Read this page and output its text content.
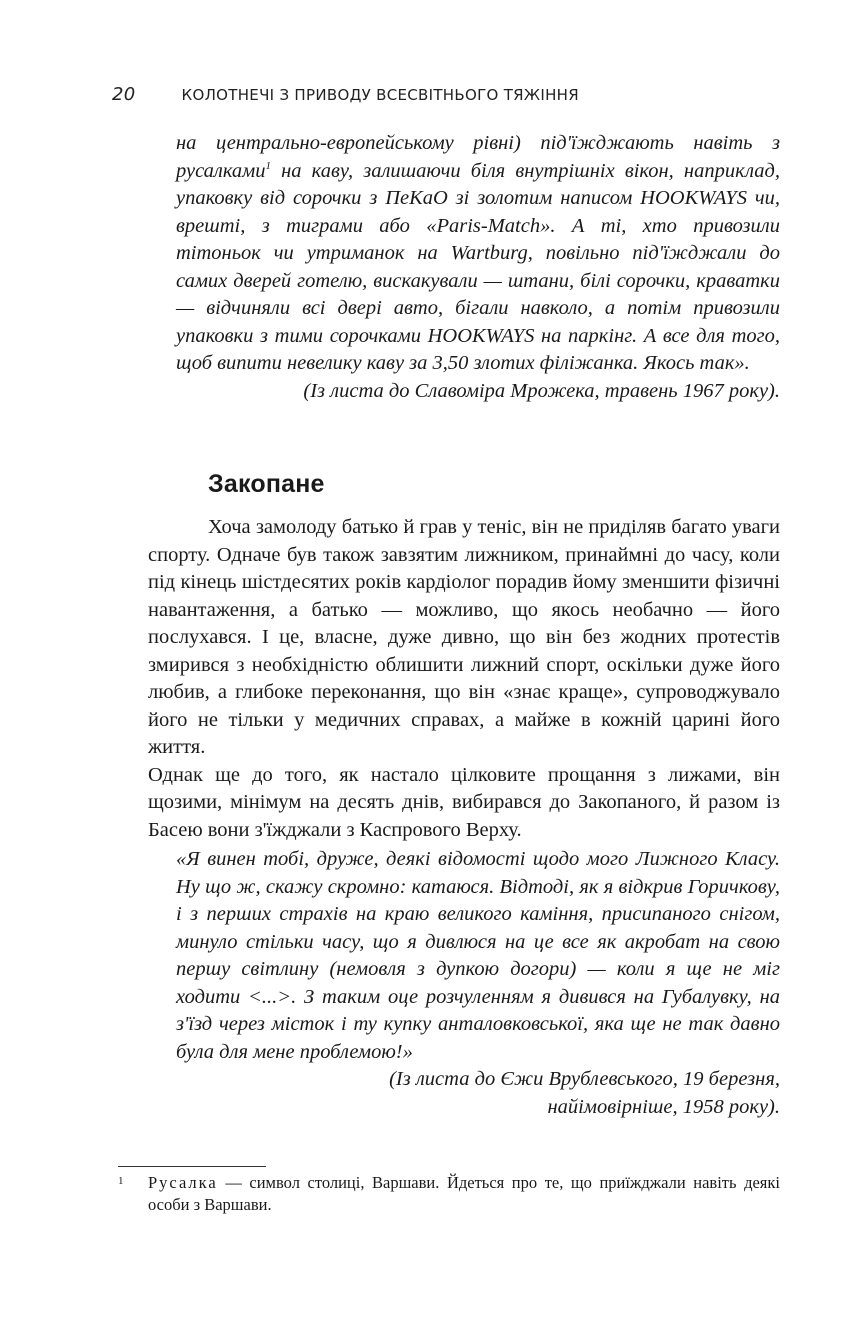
20	КОЛОТНЕЧІ З ПРИВОДУ ВСЕСВІТНЬОГО ТЯЖІННЯ

на центрально-европейському рівні) під'їжджають навіть з русалками$^1$ на каву, залишаючи біля внутрішніх вікон, наприклад, упаковку від сорочки з ПеКаО зі золотим написом HOOKWAYS чи, врешті, з тиграми або «Paris-Match». А ті, хто привозили тітоньок чи утриманок на Wartburg, повільно під'їжджали до самих дверей готелю, вискакували — штани, білі сорочки, краватки — відчиняли всі двері авто, бігали навколо, а потім привозили упаковки з тими сорочками HOOKWAYS на паркінг. А все для того, щоб випити невелику каву за 3,50 злотих філіжанка. Якось так».

(Із листа до Славоміра Мрожека, травень 1967 року).

Закопане

Хоча замолоду батько й грав у теніс, він не приділяв багато уваги спорту. Одначе був також завзятим лижником, принаймні до часу, коли під кінець шістдесятих років кардіолог порадив йому зменшити фізичні навантаження, а батько — можливо, що якось необачно — його послухався. І це, власне, дуже дивно, що він без жодних протестів змирився з необхідністю облишити лижний спорт, оскільки дуже його любив, а глибоке переконання, що він «знає краще», супроводжувало його не тільки у медичних справах, а майже в кожній царині його життя.

Однак ще до того, як настало цілковите прощання з лижами, він щозими, мінімум на десять днів, вибирався до Закопаного, й разом із Басею вони з'їжджали з Каспрового Верху.

«Я винен тобі, друже, деякі відомості щодо мого Лижного Класу. Ну що ж, скажу скромно: катаюся. Відтоді, як я відкрив Горичкову, і з перших страхів на краю великого каміння, присипаного снігом, минуло стільки часу, що я дивлюся на це все як акробат на свою першу світлину (немовля з дупкою догори) — коли я ще не міг ходити <...>. З таким оце розчуленням я дивився на Губалувку, на з'їзд через місток і ту купку анталовковської, яка ще не так давно була для мене проблемою!»

(Із листа до Єжи Врублевського, 19 березня,

найімовірніше, 1958 року).

1	Русалка — символ столиці, Варшави. Йдеться про те, що приїжджали навіть деякі особи з Варшави.
